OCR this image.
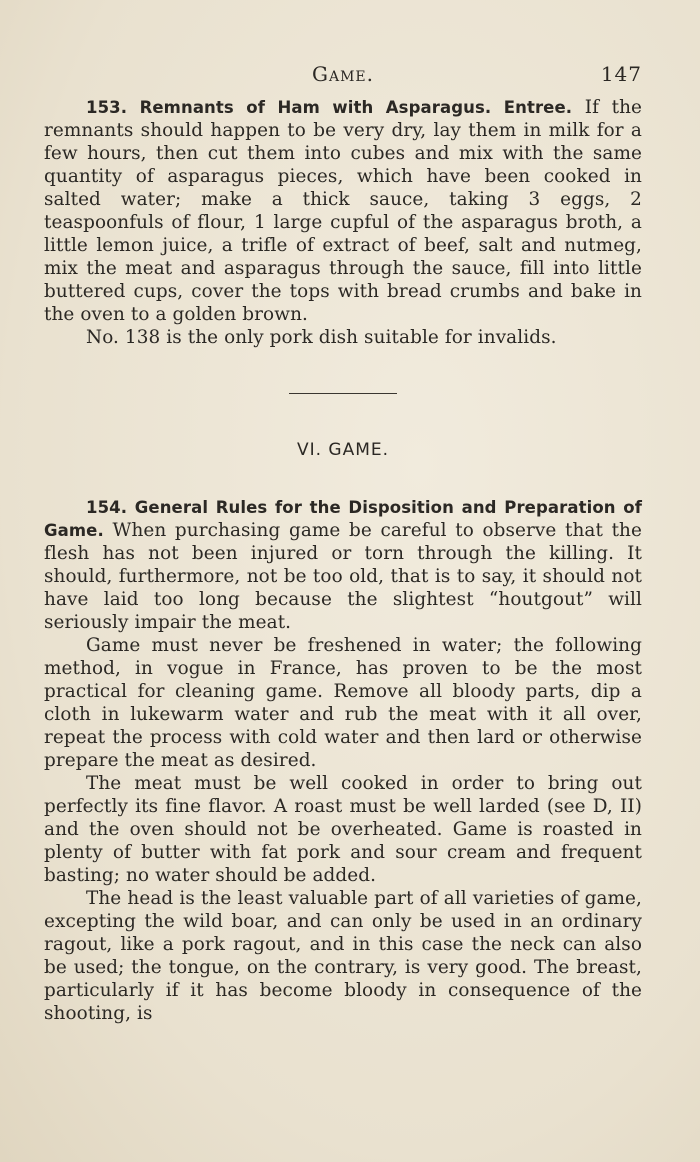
Game.	147

153. Remnants of Ham with Asparagus. Entree. If the remnants should happen to be very dry, lay them in milk for a few hours, then cut them into cubes and mix with the same quantity of asparagus pieces, which have been cooked in salted water; make a thick sauce, taking 3 eggs, 2 teaspoonfuls of flour, 1 large cupful of the asparagus broth, a little lemon juice, a trifle of extract of beef, salt and nutmeg, mix the meat and asparagus through the sauce, fill into little buttered cups, cover the tops with bread crumbs and bake in the oven to a golden brown.

No. 138 is the only pork dish suitable for invalids.

VI. GAME.

154. General Rules for the Disposition and Preparation of Game. When purchasing game be careful to observe that the flesh has not been injured or torn through the killing. It should, furthermore, not be too old, that is to say, it should not have laid too long because the slightest “houtgout” will seriously impair the meat.

Game must never be freshened in water; the following method, in vogue in France, has proven to be the most practical for cleaning game. Remove all bloody parts, dip a cloth in lukewarm water and rub the meat with it all over, repeat the process with cold water and then lard or otherwise prepare the meat as desired.

The meat must be well cooked in order to bring out perfectly its fine flavor. A roast must be well larded (see D, II) and the oven should not be overheated. Game is roasted in plenty of butter with fat pork and sour cream and frequent basting; no water should be added.

The head is the least valuable part of all varieties of game, excepting the wild boar, and can only be used in an ordinary ragout, like a pork ragout, and in this case the neck can also be used; the tongue, on the contrary, is very good. The breast, particularly if it has become bloody in consequence of the shooting, is
